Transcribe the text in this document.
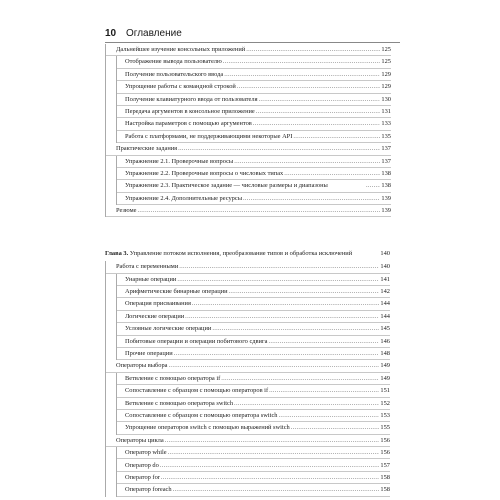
10 Оглавление
Дальнейшее изучение консольных приложений .....	125
Отображение вывода пользователю .....	125
Получение пользовательского ввода .....	129
Упрощение работы с командной строкой .....	129
Получение клавиатурного ввода от пользователя .....	130
Передача аргументов в консольное приложение .....	131
Настройка параметров с помощью аргументов .....	133
Работа с платформами, не поддерживающими некоторые API .....	135
Практические задания .....	137
Упражнение 2.1. Проверочные вопросы .....	137
Упражнение 2.2. Проверочные вопросы о числовых типах .....	138
Упражнение 2.3. Практическое задание — числовые размеры и диапазоны .....	138
Упражнение 2.4. Дополнительные ресурсы .....	139
Резюме .....	139
Глава 3. Управление потоком исполнения, преобразование типов и обработка исключений	140
Работа с переменными .....	140
Унарные операции .....	141
Арифметические бинарные операции .....	142
Операция присваивания .....	144
Логические операции .....	144
Условные логические операции .....	145
Побитовые операции и операции побитового сдвига .....	146
Прочие операции .....	148
Операторы выбора .....	149
Ветвление с помощью оператора if .....	149
Сопоставление с образцом с помощью операторов if .....	151
Ветвление с помощью оператора switch .....	152
Сопоставление с образцом с помощью оператора switch .....	153
Упрощение операторов switch с помощью выражений switch .....	155
Операторы цикла .....	156
Оператор while .....	156
Оператор do .....	157
Оператор for .....	158
Оператор foreach .....	158
